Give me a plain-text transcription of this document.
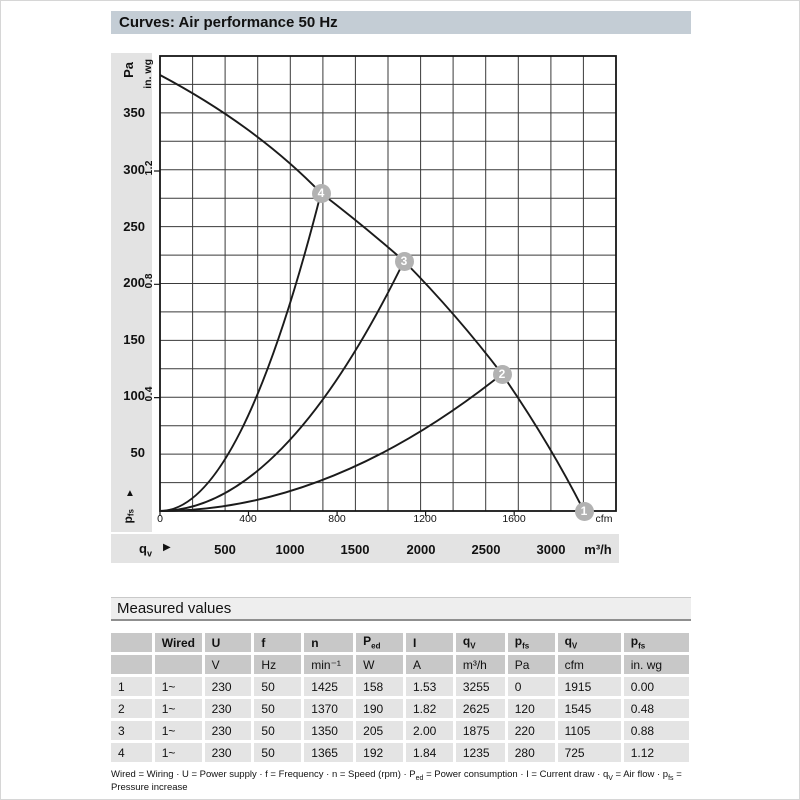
Curves: Air performance 50 Hz
Pa
350
300
250
200
150
100
50
▲
$p_{fs}$
in. wg
1.2
0.8
0.4
0	400	800	1200	1600	cfm
$q_v$
▶	500	1000	1500	2000	2500	3000	m³/h
1
2
3
4
Measured values
	Wired	U	f	n	$P_{ed}$	I	$q_V$	$p_{fs}$	$q_V$	$p_{fs}$
		V	Hz	min⁻¹	W	A	m³/h	Pa	cfm	in. wg
1	1~	230	50	1425	158	1.53	3255	0	1915	0.00
2	1~	230	50	1370	190	1.82	2625	120	1545	0.48
3	1~	230	50	1350	205	2.00	1875	220	1105	0.88
4	1~	230	50	1365	192	1.84	1235	280	725	1.12
Wired = Wiring · U = Power supply · f = Frequency · n = Speed $(rpm) \cdot P_{ed}$ = Power consumption · I = Current draw · $q_V$ = Air flow · $p_{fs}$ = Pressure increase
